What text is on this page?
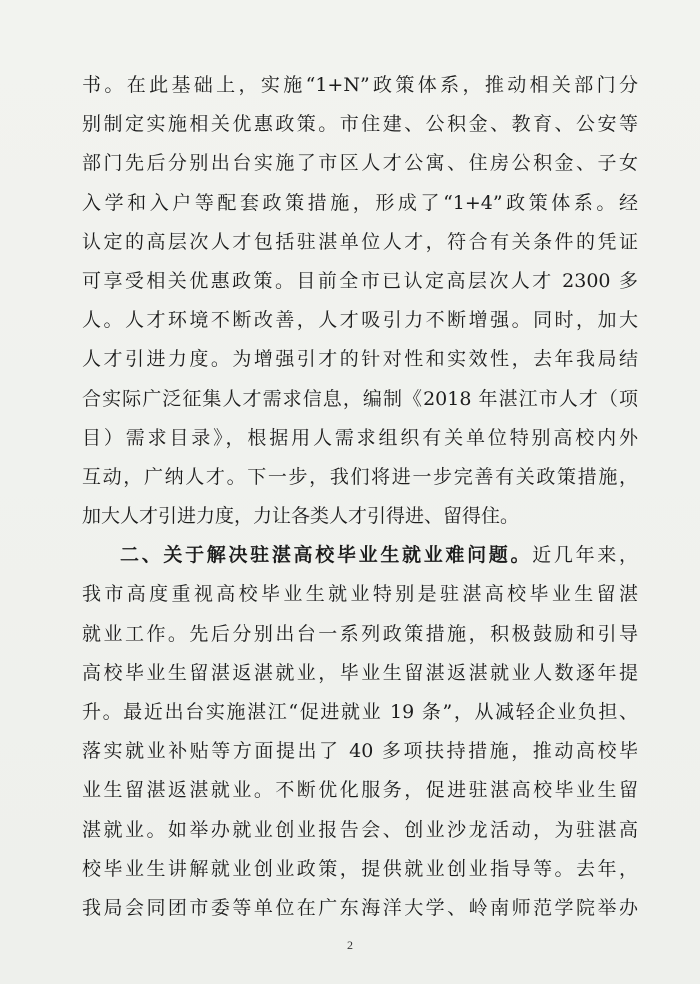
书。在此基础上，实施“1+N”政策体系，推动相关部门分
别制定实施相关优惠政策。市住建、公积金、教育、公安等
部门先后分别出台实施了市区人才公寓、住房公积金、子女
入学和入户等配套政策措施，形成了“1+4”政策体系。经
认定的高层次人才包括驻湛单位人才，符合有关条件的凭证
可享受相关优惠政策。目前全市已认定高层次人才 2300 多
人。人才环境不断改善，人才吸引力不断增强。同时，加大
人才引进力度。为增强引才的针对性和实效性，去年我局结
合实际广泛征集人才需求信息，编制《2018 年湛江市人才（项
目）需求目录》，根据用人需求组织有关单位特别高校内外
互动，广纳人才。下一步，我们将进一步完善有关政策措施，
加大人才引进力度，力让各类人才引得进、留得住。
二、关于解决驻湛高校毕业生就业难问题。近几年来，
我市高度重视高校毕业生就业特别是驻湛高校毕业生留湛
就业工作。先后分别出台一系列政策措施，积极鼓励和引导
高校毕业生留湛返湛就业，毕业生留湛返湛就业人数逐年提
升。最近出台实施湛江“促进就业 19 条”，从减轻企业负担、
落实就业补贴等方面提出了 40 多项扶持措施，推动高校毕
业生留湛返湛就业。不断优化服务，促进驻湛高校毕业生留
湛就业。如举办就业创业报告会、创业沙龙活动，为驻湛高
校毕业生讲解就业创业政策，提供就业创业指导等。去年，
我局会同团市委等单位在广东海洋大学、岭南师范学院举办
2
